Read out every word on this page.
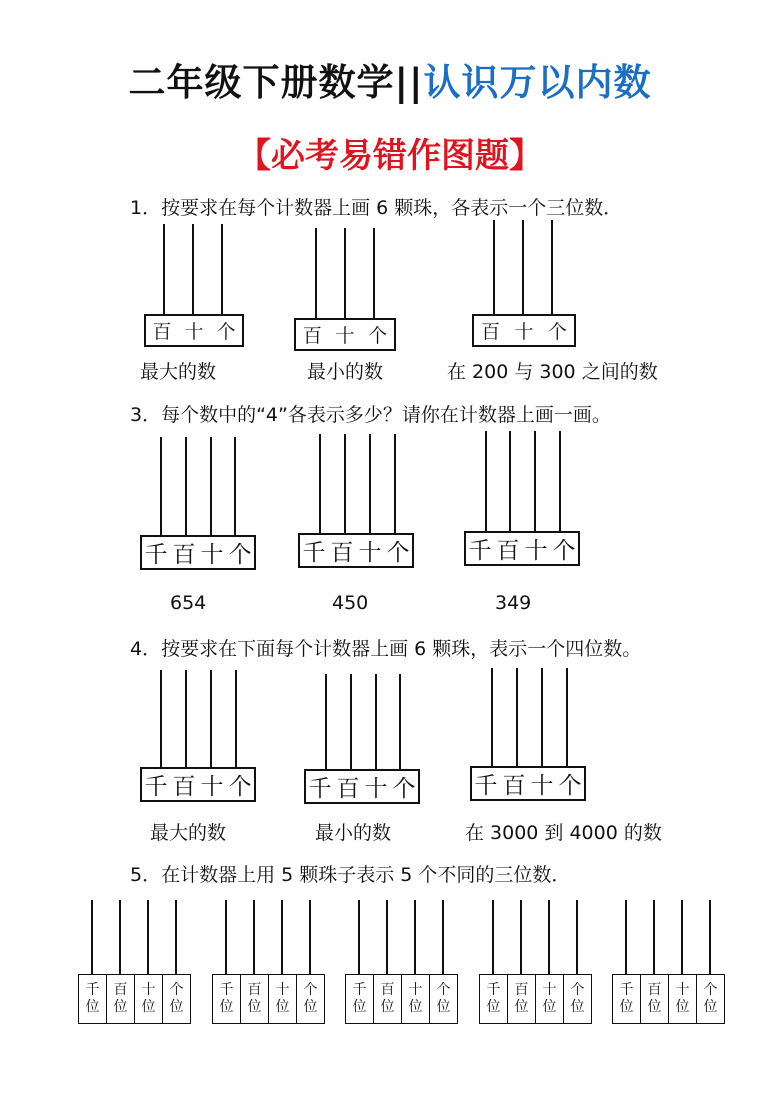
二年级下册数学||认识万以内数
【必考易错作图题】
1．按要求在每个计数器上画 6 颗珠，各表示一个三位数．
百 十 个
最大的数
百 十 个
最小的数
百 十 个
在 200 与 300 之间的数
3．每个数中的“4”各表示多少？请你在计数器上画一画。
千 百 十 个
654
千 百 十 个
450
千 百 十 个
349
4．按要求在下面每个计数器上画 6 颗珠，表示一个四位数。
千 百 十 个
最大的数
千 百 十 个
最小的数
千 百 十 个
在 3000 到 4000 的数
5．在计数器上用 5 颗珠子表示 5 个不同的三位数．
千
位
百
位
十
位
个
位
千
位
百
位
十
位
个
位
千
位
百
位
十
位
个
位
千
位
百
位
十
位
个
位
千
位
百
位
十
位
个
位
